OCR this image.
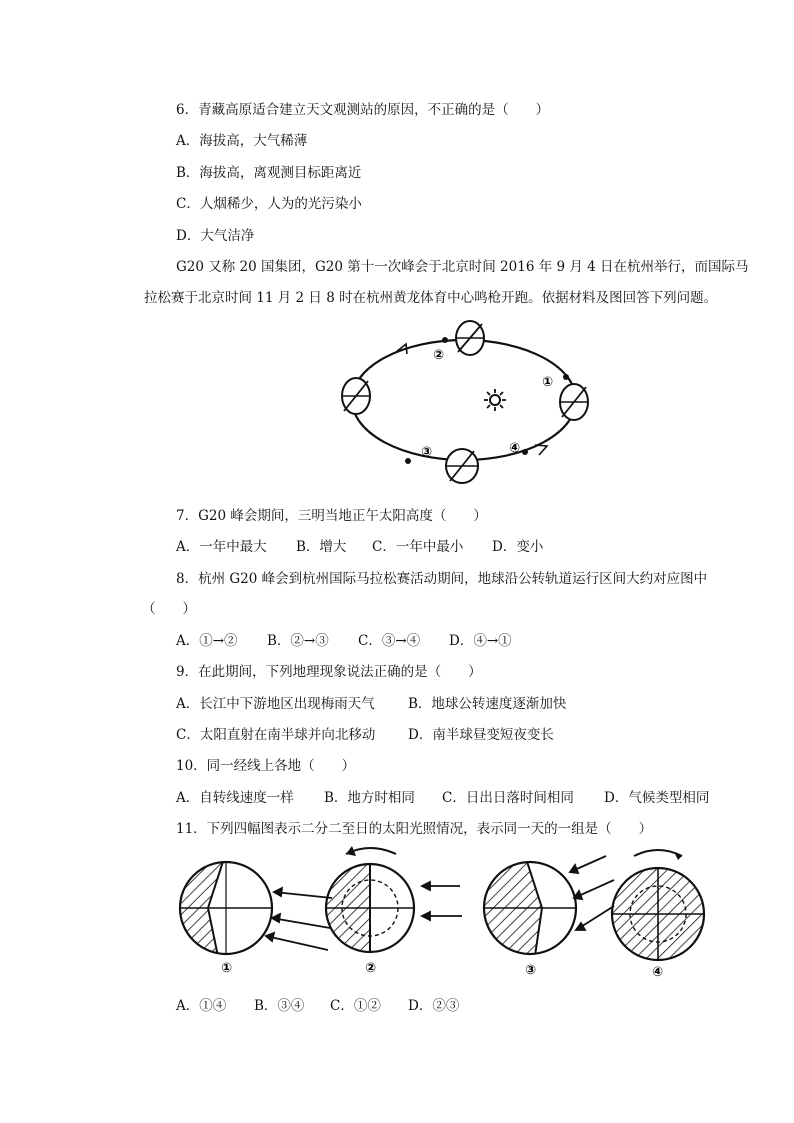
6．青藏高原适合建立天文观测站的原因，不正确的是（　　）
A．海拔高，大气稀薄
B．海拔高，离观测目标距离近
C．人烟稀少，人为的光污染小
D．大气洁净
G20 又称 20 国集团，G20 第十一次峰会于北京时间 2016 年 9 月 4 日在杭州举行，而国际马
拉松赛于北京时间 11 月 2 日 8 时在杭州黄龙体育中心鸣枪开跑。依据材料及图回答下列问题。
②
①
③	④
7．G20 峰会期间，三明当地正午太阳高度（　　）
A．一年中最大 B．增大 C．一年中最小 D．变小
8．杭州 G20 峰会到杭州国际马拉松赛活动期间，地球沿公转轨道运行区间大约对应图中
（　　）
A．①→② B．②→③ C．③→④ D．④→①
9．在此期间，下列地理现象说法正确的是（　　）
A．长江中下游地区出现梅雨天气 B．地球公转速度逐渐加快
C．太阳直射在南半球并向北移动 D．南半球昼变短夜变长
10．同一经线上各地（　　）
A．自转线速度一样 B．地方时相同 C．日出日落时间相同 D．气候类型相同
11．下列四幅图表示二分二至日的太阳光照情况，表示同一天的一组是（　　）
①	②	③	④
A．①④ B．③④ C．①② D．②③
